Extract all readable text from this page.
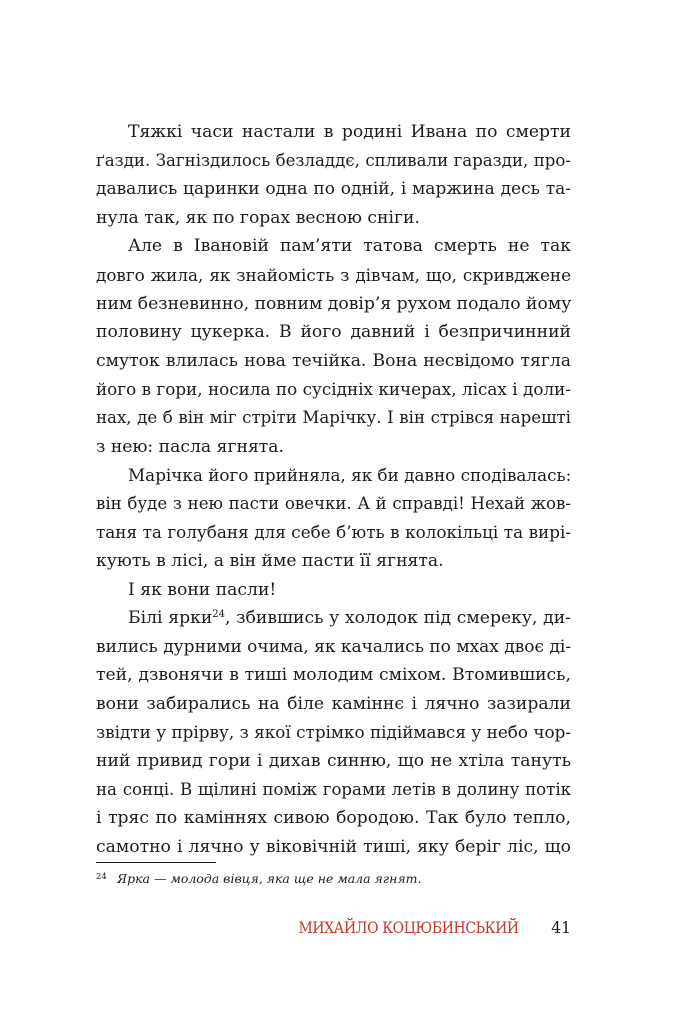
Тяжкі часи настали в родині Ивана по смерти
ґазди. Загніздилось безладдє, спливали гаразди, про-
давались царинки одна по одній, і маржина десь та-
нула так, як по горах весною сніги.
Але в Івановій пам’яти татова смерть не так
довго жила, як знайомість з дівчам, що, скривджене
ним безневинно, повним довір’я рухом подало йому
половину цукерка. В його давний і безпричинний
смуток влилась нова течійка. Вона несвідомо тягла
його в гори, носила по сусідніх кичерах, лісах і доли-
нах, де б він міг стріти Марічку. І він стрівся нарешті
з нею: пасла ягнята.
Марічка його прийняла, як би давно сподівалась:
він буде з нею пасти овечки. А й справді! Нехай жов-
таня та голубаня для себе б’ють в колокільці та вирі-
кують в лісі, а він йме пасти її ягнята.
І як вони пасли!
Білі ярки$^{24}$, збившись у холодок під смереку, ди-
вились дурними очима, як качались по мхах двоє ді-
тей, дзвонячи в тиші молодим сміхом. Втомившись,
вони забирались на біле каміннє і лячно зазирали
звідти у прірву, з якої стрімко підіймався у небо чор-
ний привид гори і дихав синню, що не хтіла тануть
на сонці. В щілині поміж горами летів в долину потік
і тряс по каміннях сивою бородою. Так було тепло,
самотно і лячно у віковічній тиші, яку беріг ліс, що
24 Ярка — молода вівця, яка ще не мала ягнят.
МИХАЙЛО КОЦЮБИНСЬКИЙ 41
